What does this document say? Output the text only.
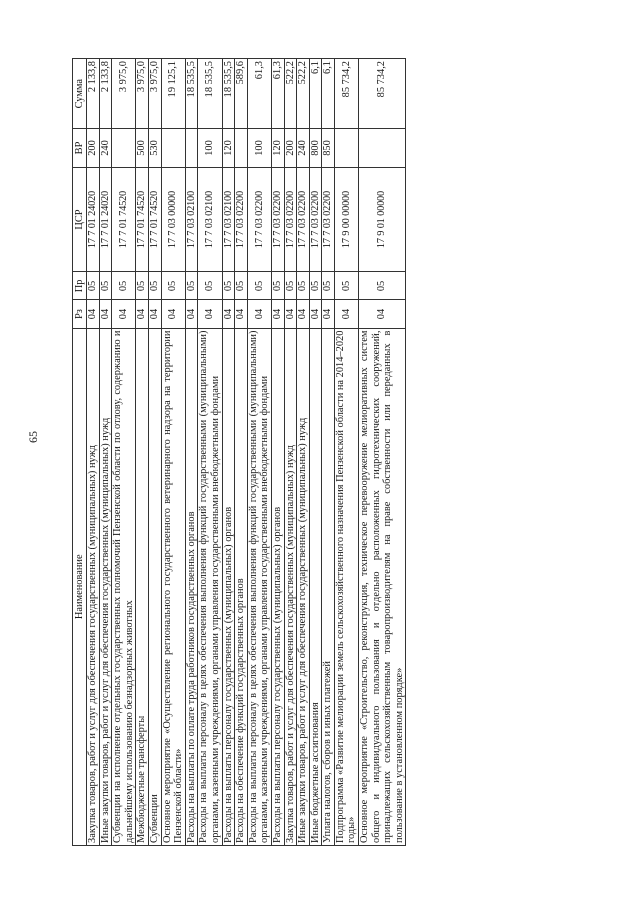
65
Наименование	Рз	Пр	ЦСР	ВР	Сумма
Закупка товаров, работ и услуг для обеспечения государственных (муниципальных) нужд	04	05	17 7 01 24020	200	2 133,8
Иные закупки товаров, работ и услуг для обеспечения государственных (муниципальных) нужд	04	05	17 7 01 24020	240	2 133,8
Субвенции на исполнение отдельных государственных полномочий Пензенской области по отлову, содержанию и дальнейшему использованию безнадзорных животных	04	05	17 7 01 74520		3 975,0
Межбюджетные трансферты	04	05	17 7 01 74520	500	3 975,0
Субвенции	04	05	17 7 01 74520	530	3 975,0
Основное мероприятие «Осуществление регионального государственного ветеринарного надзора на территории Пензенской области»	04	05	17 7 03 00000		19 125,1
Расходы на выплаты по оплате труда работников государственных органов	04	05	17 7 03 02100		18 535,5
Расходы на выплаты персоналу в целях обеспечения выполнения функций государственными (муниципальными) органами, казенными учреждениями, органами управления государственными внебюджетными фондами	04	05	17 7 03 02100	100	18 535,5
Расходы на выплаты персоналу государственных (муниципальных) органов	04	05	17 7 03 02100	120	18 535,5
Расходы на обеспечение функций государственных органов	04	05	17 7 03 02200		589,6
Расходы на выплаты персоналу в целях обеспечения выполнения функций государственными (муниципальными) органами, казенными учреждениями, органами управления государственными внебюджетными фондами	04	05	17 7 03 02200	100	61,3
Расходы на выплаты персоналу государственных (муниципальных) органов	04	05	17 7 03 02200	120	61,3
Закупка товаров, работ и услуг для обеспечения государственных (муниципальных) нужд	04	05	17 7 03 02200	200	522,2
Иные закупки товаров, работ и услуг для обеспечения государственных (муниципальных) нужд	04	05	17 7 03 02200	240	522,2
Иные бюджетные ассигнования	04	05	17 7 03 02200	800	6,1
Уплата налогов, сборов и иных платежей	04	05	17 7 03 02200	850	6,1
Подпрограмма «Развитие мелиорации земель сельскохозяйственного назначения Пензенской области на 2014–2020 годы»	04	05	17 9 00 00000		85 734,2
Основное мероприятие «Строительство, реконструкция, техническое перевооружение мелиоративных систем общего и индивидуального пользования и отдельно расположенных гидротехнических сооружений, принадлежащих сельскохозяйственным товаропроизводителям на праве собственности или переданных в пользование в установленном порядке»	04	05	17 9 01 00000		85 734,2
